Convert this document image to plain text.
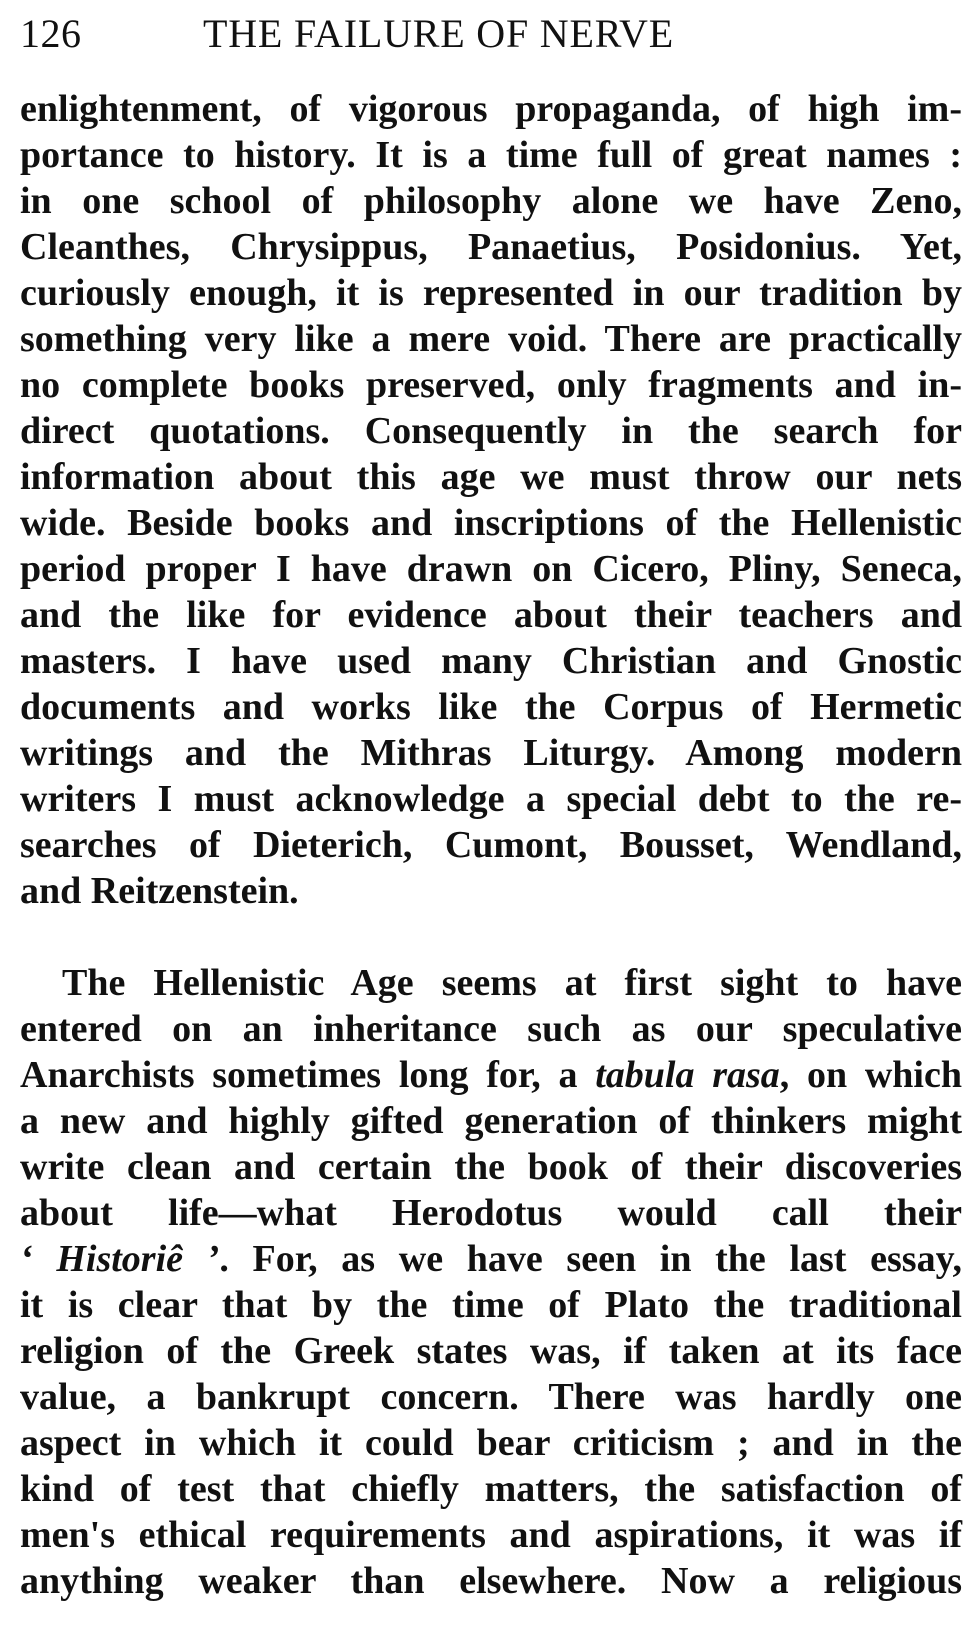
126	THE FAILURE OF NERVE
enlightenment, of vigorous propaganda, of high im-
portance to history. It is a time full of great names :
in one school of philosophy alone we have Zeno,
Cleanthes, Chrysippus, Panaetius, Posidonius. Yet,
curiously enough, it is represented in our tradition by
something very like a mere void. There are practically
no complete books preserved, only fragments and in-
direct quotations. Consequently in the search for
information about this age we must throw our nets
wide. Beside books and inscriptions of the Hellenistic
period proper I have drawn on Cicero, Pliny, Seneca,
and the like for evidence about their teachers and
masters. I have used many Christian and Gnostic
documents and works like the Corpus of Hermetic
writings and the Mithras Liturgy. Among modern
writers I must acknowledge a special debt to the re-
searches of Dieterich, Cumont, Bousset, Wendland,
and Reitzenstein.
The Hellenistic Age seems at first sight to have
entered on an inheritance such as our speculative
Anarchists sometimes long for, a tabula rasa, on which
a new and highly gifted generation of thinkers might
write clean and certain the book of their discoveries
about life—what Herodotus would call their
‘ Historiê ’. For, as we have seen in the last essay,
it is clear that by the time of Plato the traditional
religion of the Greek states was, if taken at its face
value, a bankrupt concern. There was hardly one
aspect in which it could bear criticism ; and in the
kind of test that chiefly matters, the satisfaction of
men's ethical requirements and aspirations, it was if
anything weaker than elsewhere. Now a religious
